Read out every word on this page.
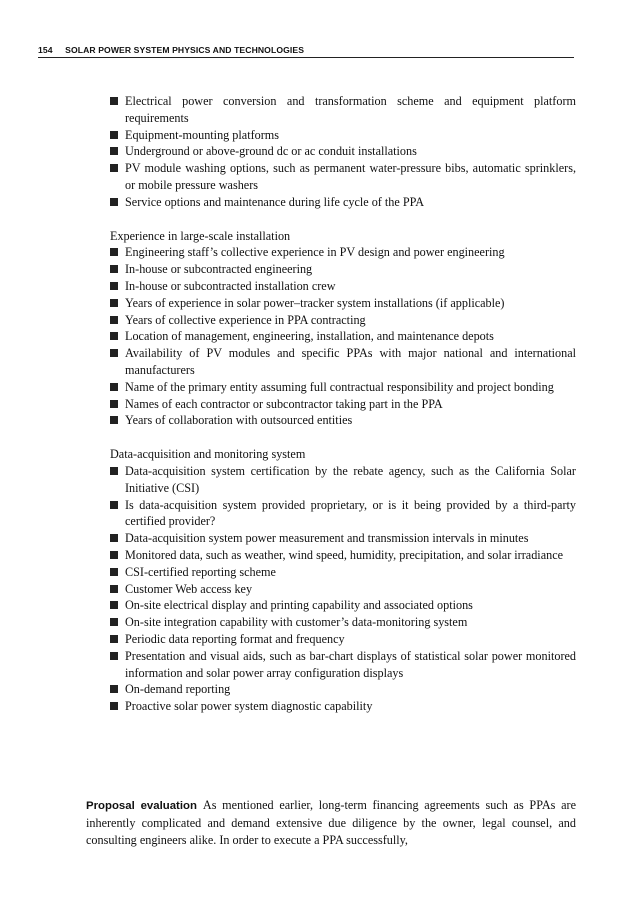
154 SOLAR POWER SYSTEM PHYSICS AND TECHNOLOGIES
Electrical power conversion and transformation scheme and equipment platform requirements
Equipment-mounting platforms
Underground or above-ground dc or ac conduit installations
PV module washing options, such as permanent water-pressure bibs, automatic sprinklers, or mobile pressure washers
Service options and maintenance during life cycle of the PPA

Experience in large-scale installation

Engineering staff’s collective experience in PV design and power engineering
In-house or subcontracted engineering
In-house or subcontracted installation crew
Years of experience in solar power–tracker system installations (if applicable)
Years of collective experience in PPA contracting
Location of management, engineering, installation, and maintenance depots
Availability of PV modules and specific PPAs with major national and international manufacturers
Name of the primary entity assuming full contractual responsibility and project bonding
Names of each contractor or subcontractor taking part in the PPA
Years of collaboration with outsourced entities

Data-acquisition and monitoring system

Data-acquisition system certification by the rebate agency, such as the California Solar Initiative (CSI)
Is data-acquisition system provided proprietary, or is it being provided by a third-party certified provider?
Data-acquisition system power measurement and transmission intervals in minutes
Monitored data, such as weather, wind speed, humidity, precipitation, and solar irradiance
CSI-certified reporting scheme
Customer Web access key
On-site electrical display and printing capability and associated options
On-site integration capability with customer’s data-monitoring system
Periodic data reporting format and frequency
Presentation and visual aids, such as bar-chart displays of statistical solar power monitored information and solar power array configuration displays
On-demand reporting
Proactive solar power system diagnostic capability

Proposal evaluation As mentioned earlier, long-term financing agreements such as PPAs are inherently complicated and demand extensive due diligence by the owner, legal counsel, and consulting engineers alike. In order to execute a PPA successfully,
